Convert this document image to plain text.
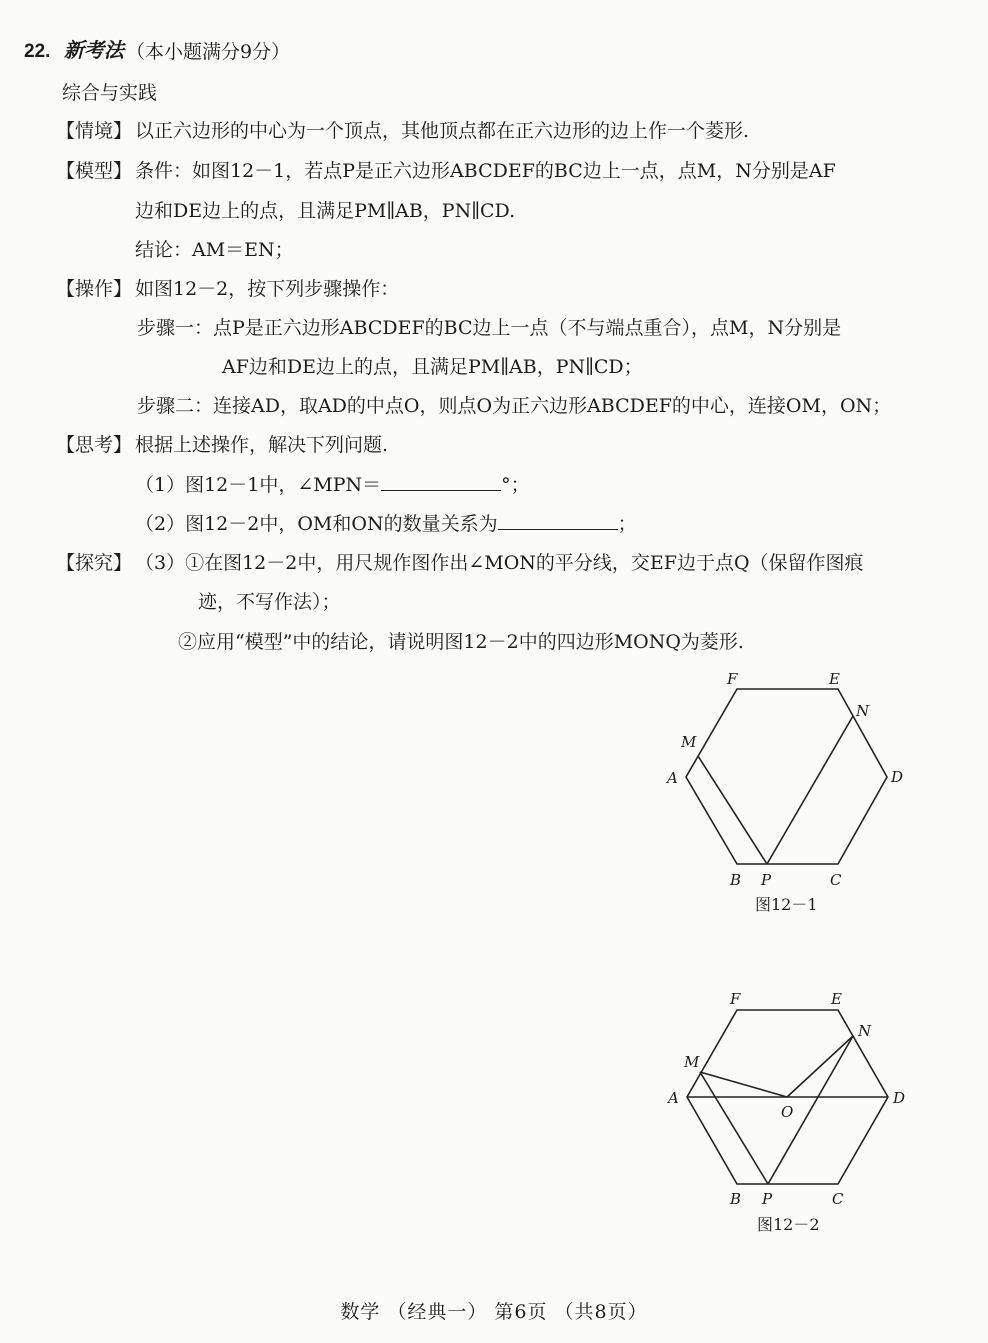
22. 新考法 （本小题满分9分）
综合与实践
【情境】 以正六边形的中心为一个顶点，其他顶点都在正六边形的边上作一个菱形.
【模型】 条件：如图12－1，若点P是正六边形ABCDEF的BC边上一点，点M，N分别是AF
边和DE边上的点，且满足PM∥AB，PN∥CD.
结论：AM＝EN；
【操作】 如图12－2，按下列步骤操作：
步骤一：点P是正六边形ABCDEF的BC边上一点（不与端点重合），点M，N分别是
AF边和DE边上的点，且满足PM∥AB，PN∥CD；
步骤二：连接AD，取AD的中点O，则点O为正六边形ABCDEF的中心，连接OM，ON；
【思考】 根据上述操作，解决下列问题.
（1）图12－1中，∠MPN＝	°；
（2）图12－2中，OM和ON的数量关系为	；
【探究】 （3）①在图12－2中，用尺规作图作出∠MON的平分线，交EF边于点Q（保留作图痕
迹，不写作法）；
②应用“模型”中的结论，请说明图12－2中的四边形MONQ为菱形.
F	E
N
M
A	D
B P	C
图12－1
F	E
N
M
A
O
D
B P	C
图12－2
数学 （经典一） 第6页 （共8页）
